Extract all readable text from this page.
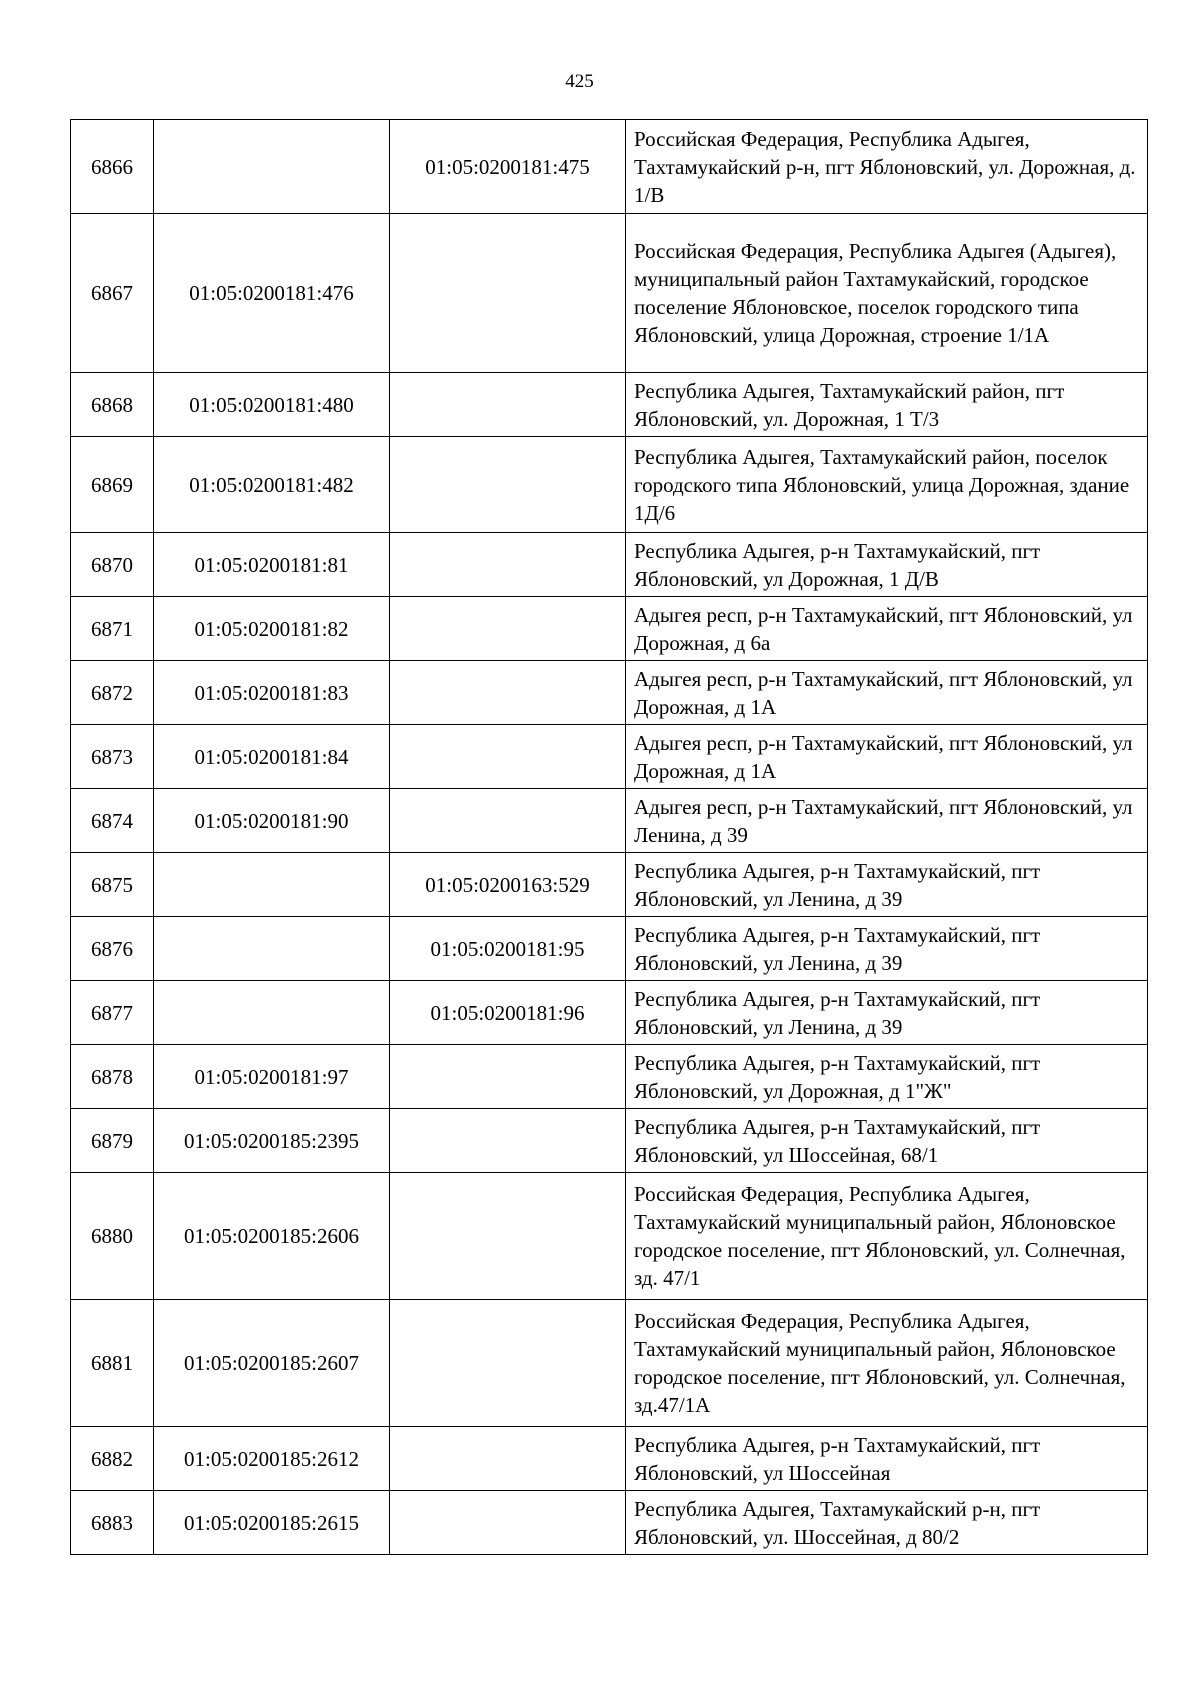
425
6866		01:05:0200181:475	Российская Федерация, Республика Адыгея, Тахтамукайский р-н, пгт Яблоновский, ул. Дорожная, д. 1/В
6867	01:05:0200181:476		Российская Федерация, Республика Адыгея (Адыгея), муниципальный район Тахтамукайский, городское поселение Яблоновское, поселок городского типа Яблоновский, улица Дорожная, строение 1/1А
6868	01:05:0200181:480		Республика Адыгея, Тахтамукайский район, пгт Яблоновский, ул. Дорожная, 1 Т/3
6869	01:05:0200181:482		Республика Адыгея, Тахтамукайский район, поселок городского типа Яблоновский, улица Дорожная, здание 1Д/6
6870	01:05:0200181:81		Республика Адыгея, р-н Тахтамукайский, пгт Яблоновский, ул Дорожная, 1 Д/В
6871	01:05:0200181:82		Адыгея респ, р-н Тахтамукайский, пгт Яблоновский, ул Дорожная, д 6а
6872	01:05:0200181:83		Адыгея респ, р-н Тахтамукайский, пгт Яблоновский, ул Дорожная, д 1А
6873	01:05:0200181:84		Адыгея респ, р-н Тахтамукайский, пгт Яблоновский, ул Дорожная, д 1А
6874	01:05:0200181:90		Адыгея респ, р-н Тахтамукайский, пгт Яблоновский, ул Ленина, д 39
6875		01:05:0200163:529	Республика Адыгея, р-н Тахтамукайский, пгт Яблоновский, ул Ленина, д 39
6876		01:05:0200181:95	Республика Адыгея, р-н Тахтамукайский, пгт Яблоновский, ул Ленина, д 39
6877		01:05:0200181:96	Республика Адыгея, р-н Тахтамукайский, пгт Яблоновский, ул Ленина, д 39
6878	01:05:0200181:97		Республика Адыгея, р-н Тахтамукайский, пгт Яблоновский, ул Дорожная, д 1"Ж"
6879	01:05:0200185:2395		Республика Адыгея, р-н Тахтамукайский, пгт Яблоновский, ул Шоссейная, 68/1
6880	01:05:0200185:2606		Российская Федерация, Республика Адыгея, Тахтамукайский муниципальный район, Яблоновское городское поселение, пгт Яблоновский, ул. Солнечная, зд. 47/1
6881	01:05:0200185:2607		Российская Федерация, Республика Адыгея, Тахтамукайский муниципальный район, Яблоновское городское поселение, пгт Яблоновский, ул. Солнечная, зд.47/1А
6882	01:05:0200185:2612		Республика Адыгея, р-н Тахтамукайский, пгт Яблоновский, ул Шоссейная
6883	01:05:0200185:2615		Республика Адыгея, Тахтамукайский р-н, пгт Яблоновский, ул. Шоссейная, д 80/2
